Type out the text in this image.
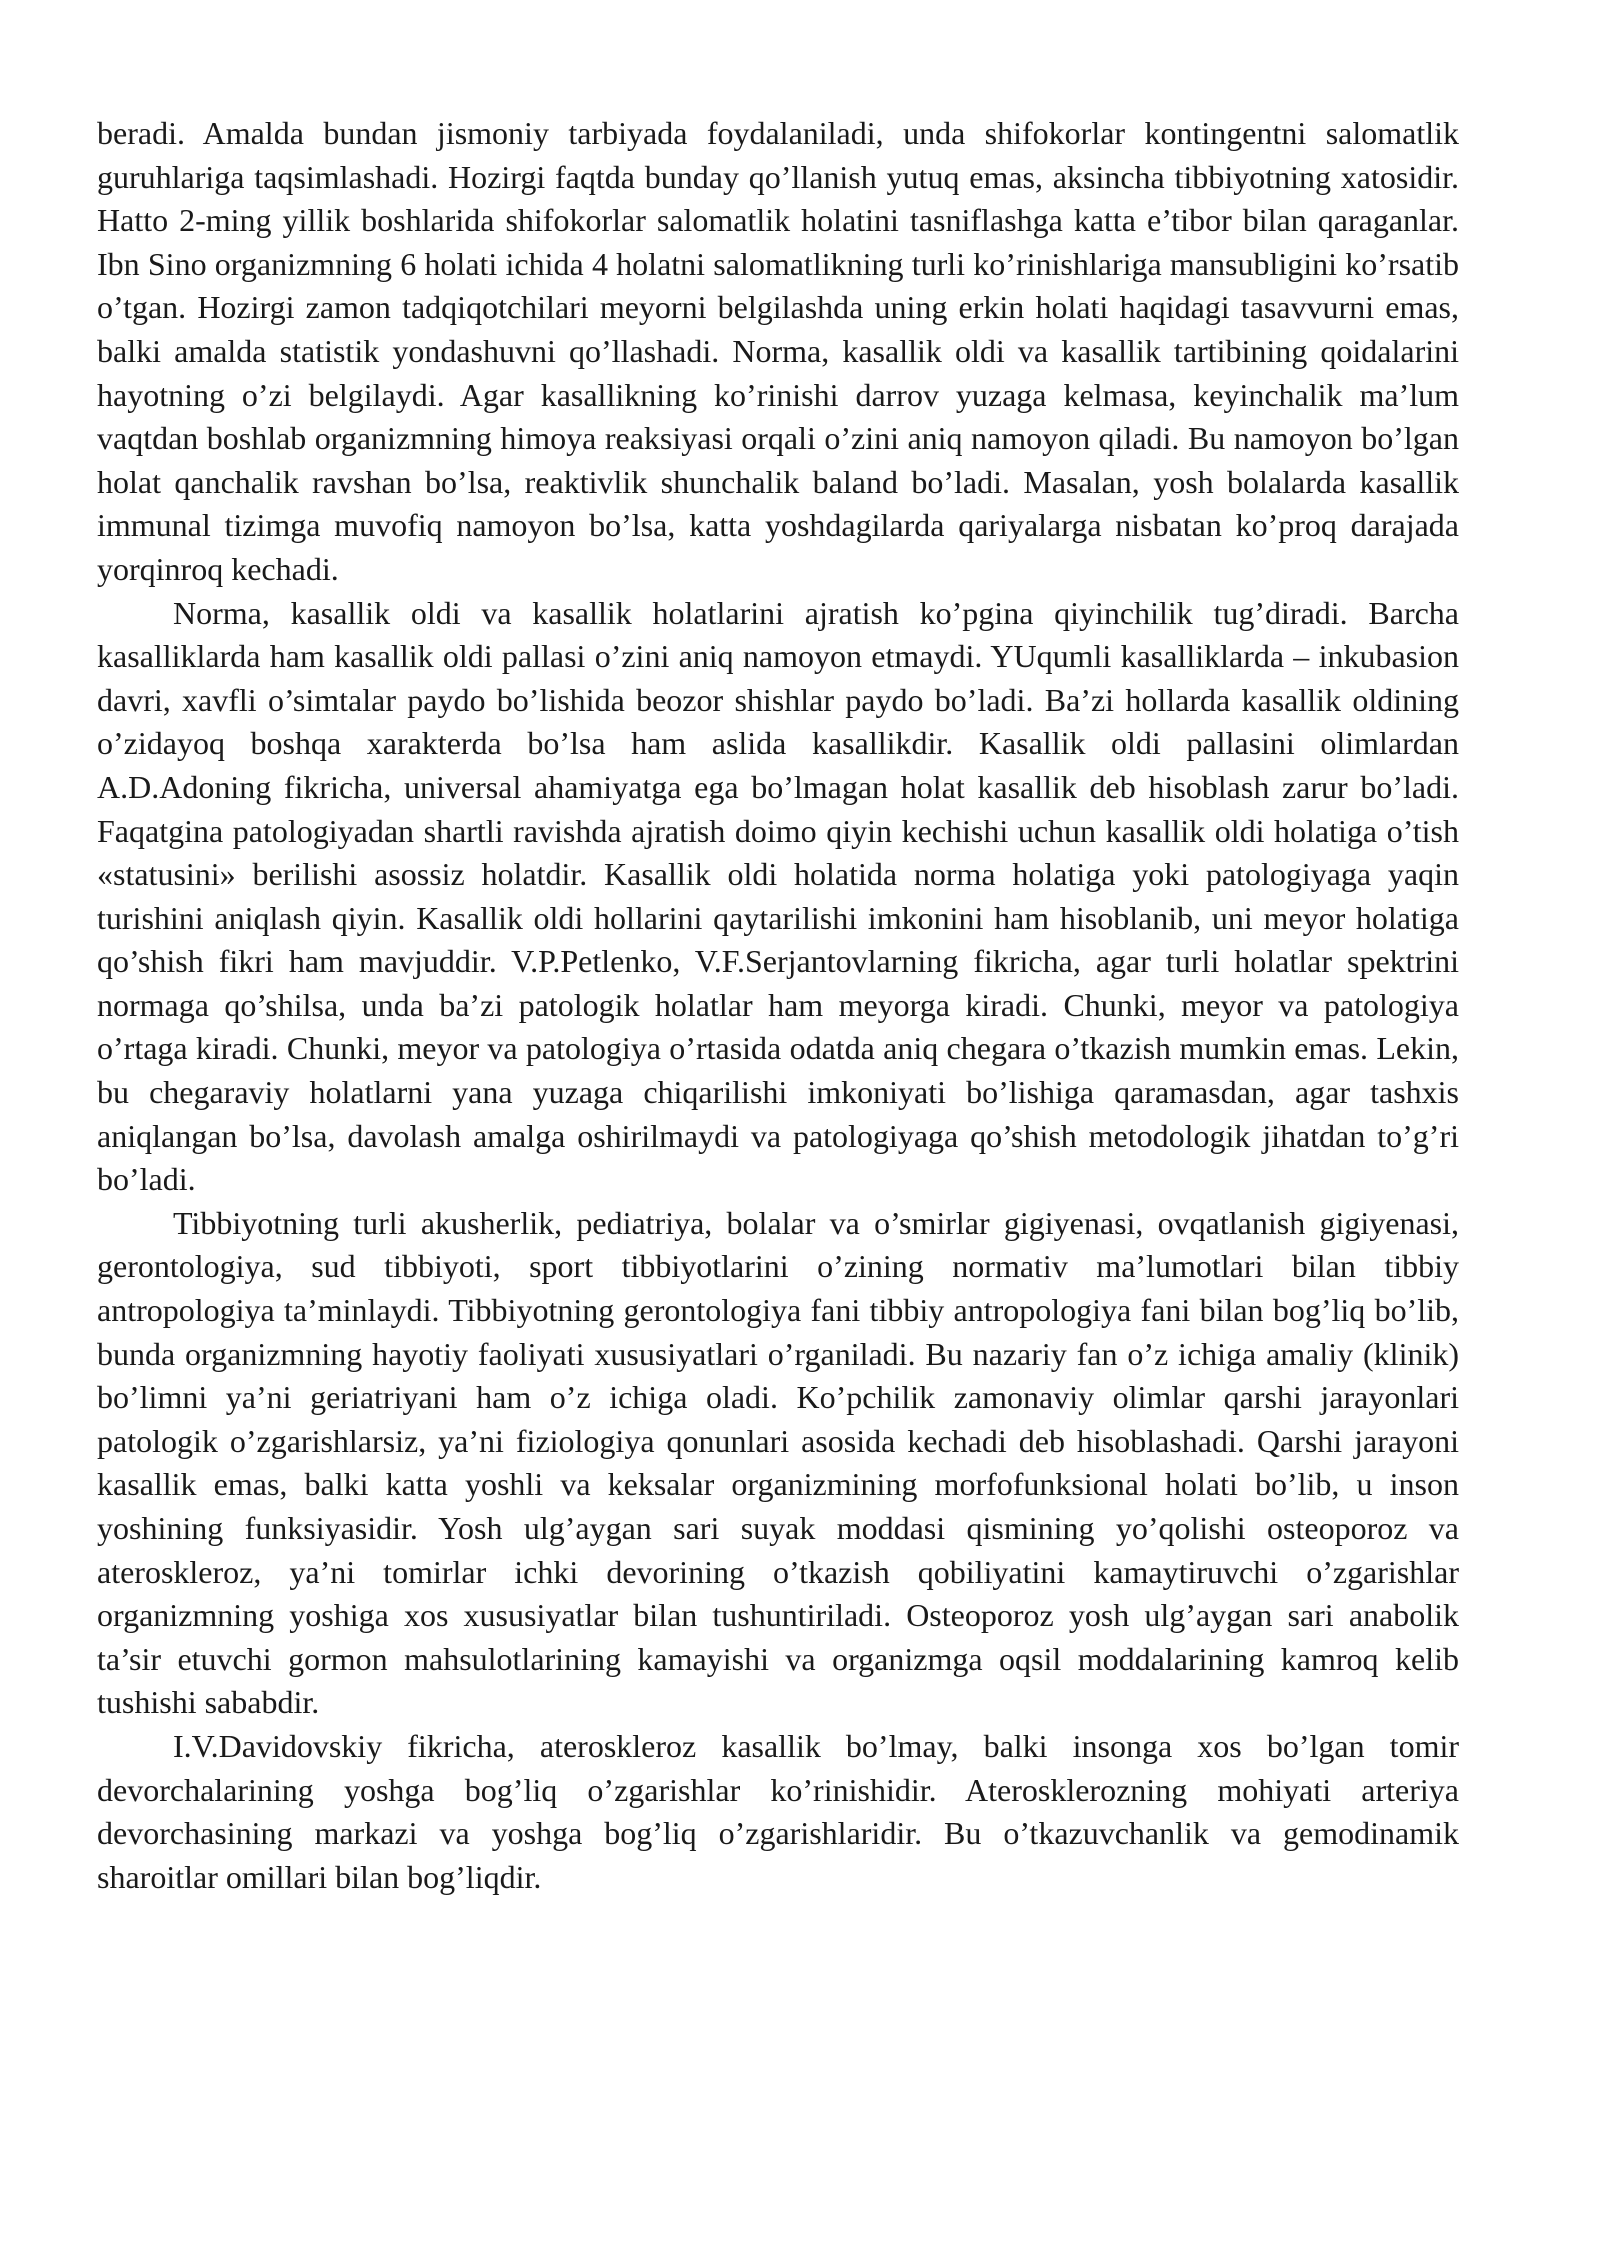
beradi. Amalda bundan jismoniy tarbiyada foydalaniladi, unda shifokorlar kontingentni salomatlik guruhlariga taqsimlashadi. Hozirgi faqtda bunday qo’llanish yutuq emas, aksincha tibbiyotning xatosidir. Hatto 2-ming yillik boshlarida shifokorlar salomatlik holatini tasniflashga katta e’tibor bilan qaraganlar. Ibn Sino organizmning 6 holati ichida 4 holatni salomatlikning turli ko’rinishlariga mansubligini ko’rsatib o’tgan. Hozirgi zamon tadqiqotchilari meyorni belgilashda uning erkin holati haqidagi tasavvurni emas, balki amalda statistik yondashuvni qo’llashadi. Norma, kasallik oldi va kasallik tartibining qoidalarini hayotning o’zi belgilaydi. Agar kasallikning ko’rinishi darrov yuzaga kelmasa, keyinchalik ma’lum vaqtdan boshlab organizmning himoya reaksiyasi orqali o’zini aniq namoyon qiladi. Bu namoyon bo’lgan holat qanchalik ravshan bo’lsa, reaktivlik shunchalik baland bo’ladi. Masalan, yosh bolalarda kasallik immunal tizimga muvofiq namoyon bo’lsa, katta yoshdagilarda qariyalarga nisbatan ko’proq darajada yorqinroq kechadi.

Norma, kasallik oldi va kasallik holatlarini ajratish ko’pgina qiyinchilik tug’diradi. Barcha kasalliklarda ham kasallik oldi pallasi o’zini aniq namoyon etmaydi. YUqumli kasalliklarda – inkubasion davri, xavfli o’simtalar paydo bo’lishida beozor shishlar paydo bo’ladi. Ba’zi hollarda kasallik oldining o’zidayoq boshqa xarakterda bo’lsa ham aslida kasallikdir. Kasallik oldi pallasini olimlardan A.D.Adoning fikricha, universal ahamiyatga ega bo’lmagan holat kasallik deb hisoblash zarur bo’ladi. Faqatgina patologiyadan shartli ravishda ajratish doimo qiyin kechishi uchun kasallik oldi holatiga o’tish «statusini» berilishi asossiz holatdir. Kasallik oldi holatida norma holatiga yoki patologiyaga yaqin turishini aniqlash qiyin. Kasallik oldi hollarini qaytarilishi imkonini ham hisoblanib, uni meyor holatiga qo’shish fikri ham mavjuddir. V.P.Petlenko, V.F.Serjantovlarning fikricha, agar turli holatlar spektrini normaga qo’shilsa, unda ba’zi patologik holatlar ham meyorga kiradi. Chunki, meyor va patologiya o’rtaga kiradi. Chunki, meyor va patologiya o’rtasida odatda aniq chegara o’tkazish mumkin emas. Lekin, bu chegaraviy holatlarni yana yuzaga chiqarilishi imkoniyati bo’lishiga qaramasdan, agar tashxis aniqlangan bo’lsa, davolash amalga oshirilmaydi va patologiyaga qo’shish metodologik jihatdan to’g’ri bo’ladi.

Tibbiyotning turli akusherlik, pediatriya, bolalar va o’smirlar gigiyenasi, ovqatlanish gigiyenasi, gerontologiya, sud tibbiyoti, sport tibbiyotlarini o’zining normativ ma’lumotlari bilan tibbiy antropologiya ta’minlaydi. Tibbiyotning gerontologiya fani tibbiy antropologiya fani bilan bog’liq bo’lib, bunda organizmning hayotiy faoliyati xususiyatlari o’rganiladi. Bu nazariy fan o’z ichiga amaliy (klinik) bo’limni ya’ni geriatriyani ham o’z ichiga oladi. Ko’pchilik zamonaviy olimlar qarshi jarayonlari patologik o’zgarishlarsiz, ya’ni fiziologiya qonunlari asosida kechadi deb hisoblashadi. Qarshi jarayoni kasallik emas, balki katta yoshli va keksalar organizmining morfofunksional holati bo’lib, u inson yoshining funksiyasidir. Yosh ulg’aygan sari suyak moddasi qismining yo’qolishi osteoporoz va ateroskleroz, ya’ni tomirlar ichki devorining o’tkazish qobiliyatini kamaytiruvchi o’zgarishlar organizmning yoshiga xos xususiyatlar bilan tushuntiriladi. Osteoporoz yosh ulg’aygan sari anabolik ta’sir etuvchi gormon mahsulotlarining kamayishi va organizmga oqsil moddalarining kamroq kelib tushishi sababdir.

I.V.Davidovskiy fikricha, ateroskleroz kasallik bo’lmay, balki insonga xos bo’lgan tomir devorchalarining yoshga bog’liq o’zgarishlar ko’rinishidir. Aterosklerozning mohiyati arteriya devorchasining markazi va yoshga bog’liq o’zgarishlaridir. Bu o’tkazuvchanlik va gemodinamik sharoitlar omillari bilan bog’liqdir.
